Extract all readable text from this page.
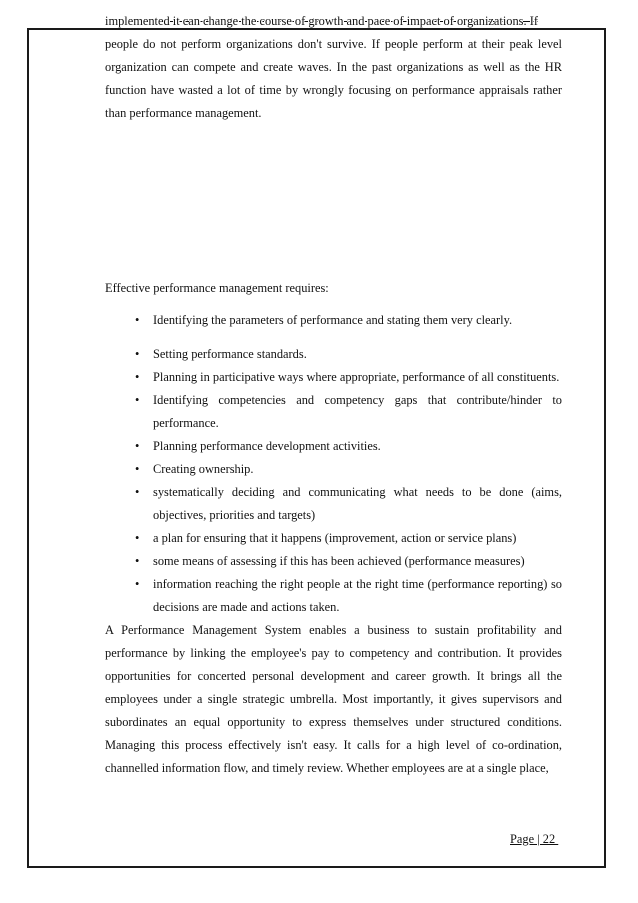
implemented it can change the course of growth and pace of impact of organizations. If

people do not perform organizations don't survive. If people perform at their peak level organization can compete and create waves. In the past organizations as well as the HR function have wasted a lot of time by wrongly focusing on performance appraisals rather than performance management.

Effective performance management requires:

•	Identifying the parameters of performance and stating them very clearly.
•	Setting performance standards.
•	Planning in participative ways where appropriate, performance of all constituents.
•	Identifying competencies and competency gaps that contribute/hinder to performance.
•	Planning performance development activities.
•	Creating ownership.
•	systematically deciding and communicating what needs to be done (aims, objectives, priorities and targets)
•	a plan for ensuring that it happens (improvement, action or service plans)
•	some means of assessing if this has been achieved (performance measures)
•	information reaching the right people at the right time (performance reporting) so decisions are made and actions taken.

A Performance Management System enables a business to sustain profitability and performance by linking the employee's pay to competency and contribution. It provides opportunities for concerted personal development and career growth. It brings all the employees under a single strategic umbrella. Most importantly, it gives supervisors and subordinates an equal opportunity to express themselves under structured conditions. Managing this process effectively isn't easy. It calls for a high level of co-ordination, channelled information flow, and timely review. Whether employees are at a single place,

Page | 22
